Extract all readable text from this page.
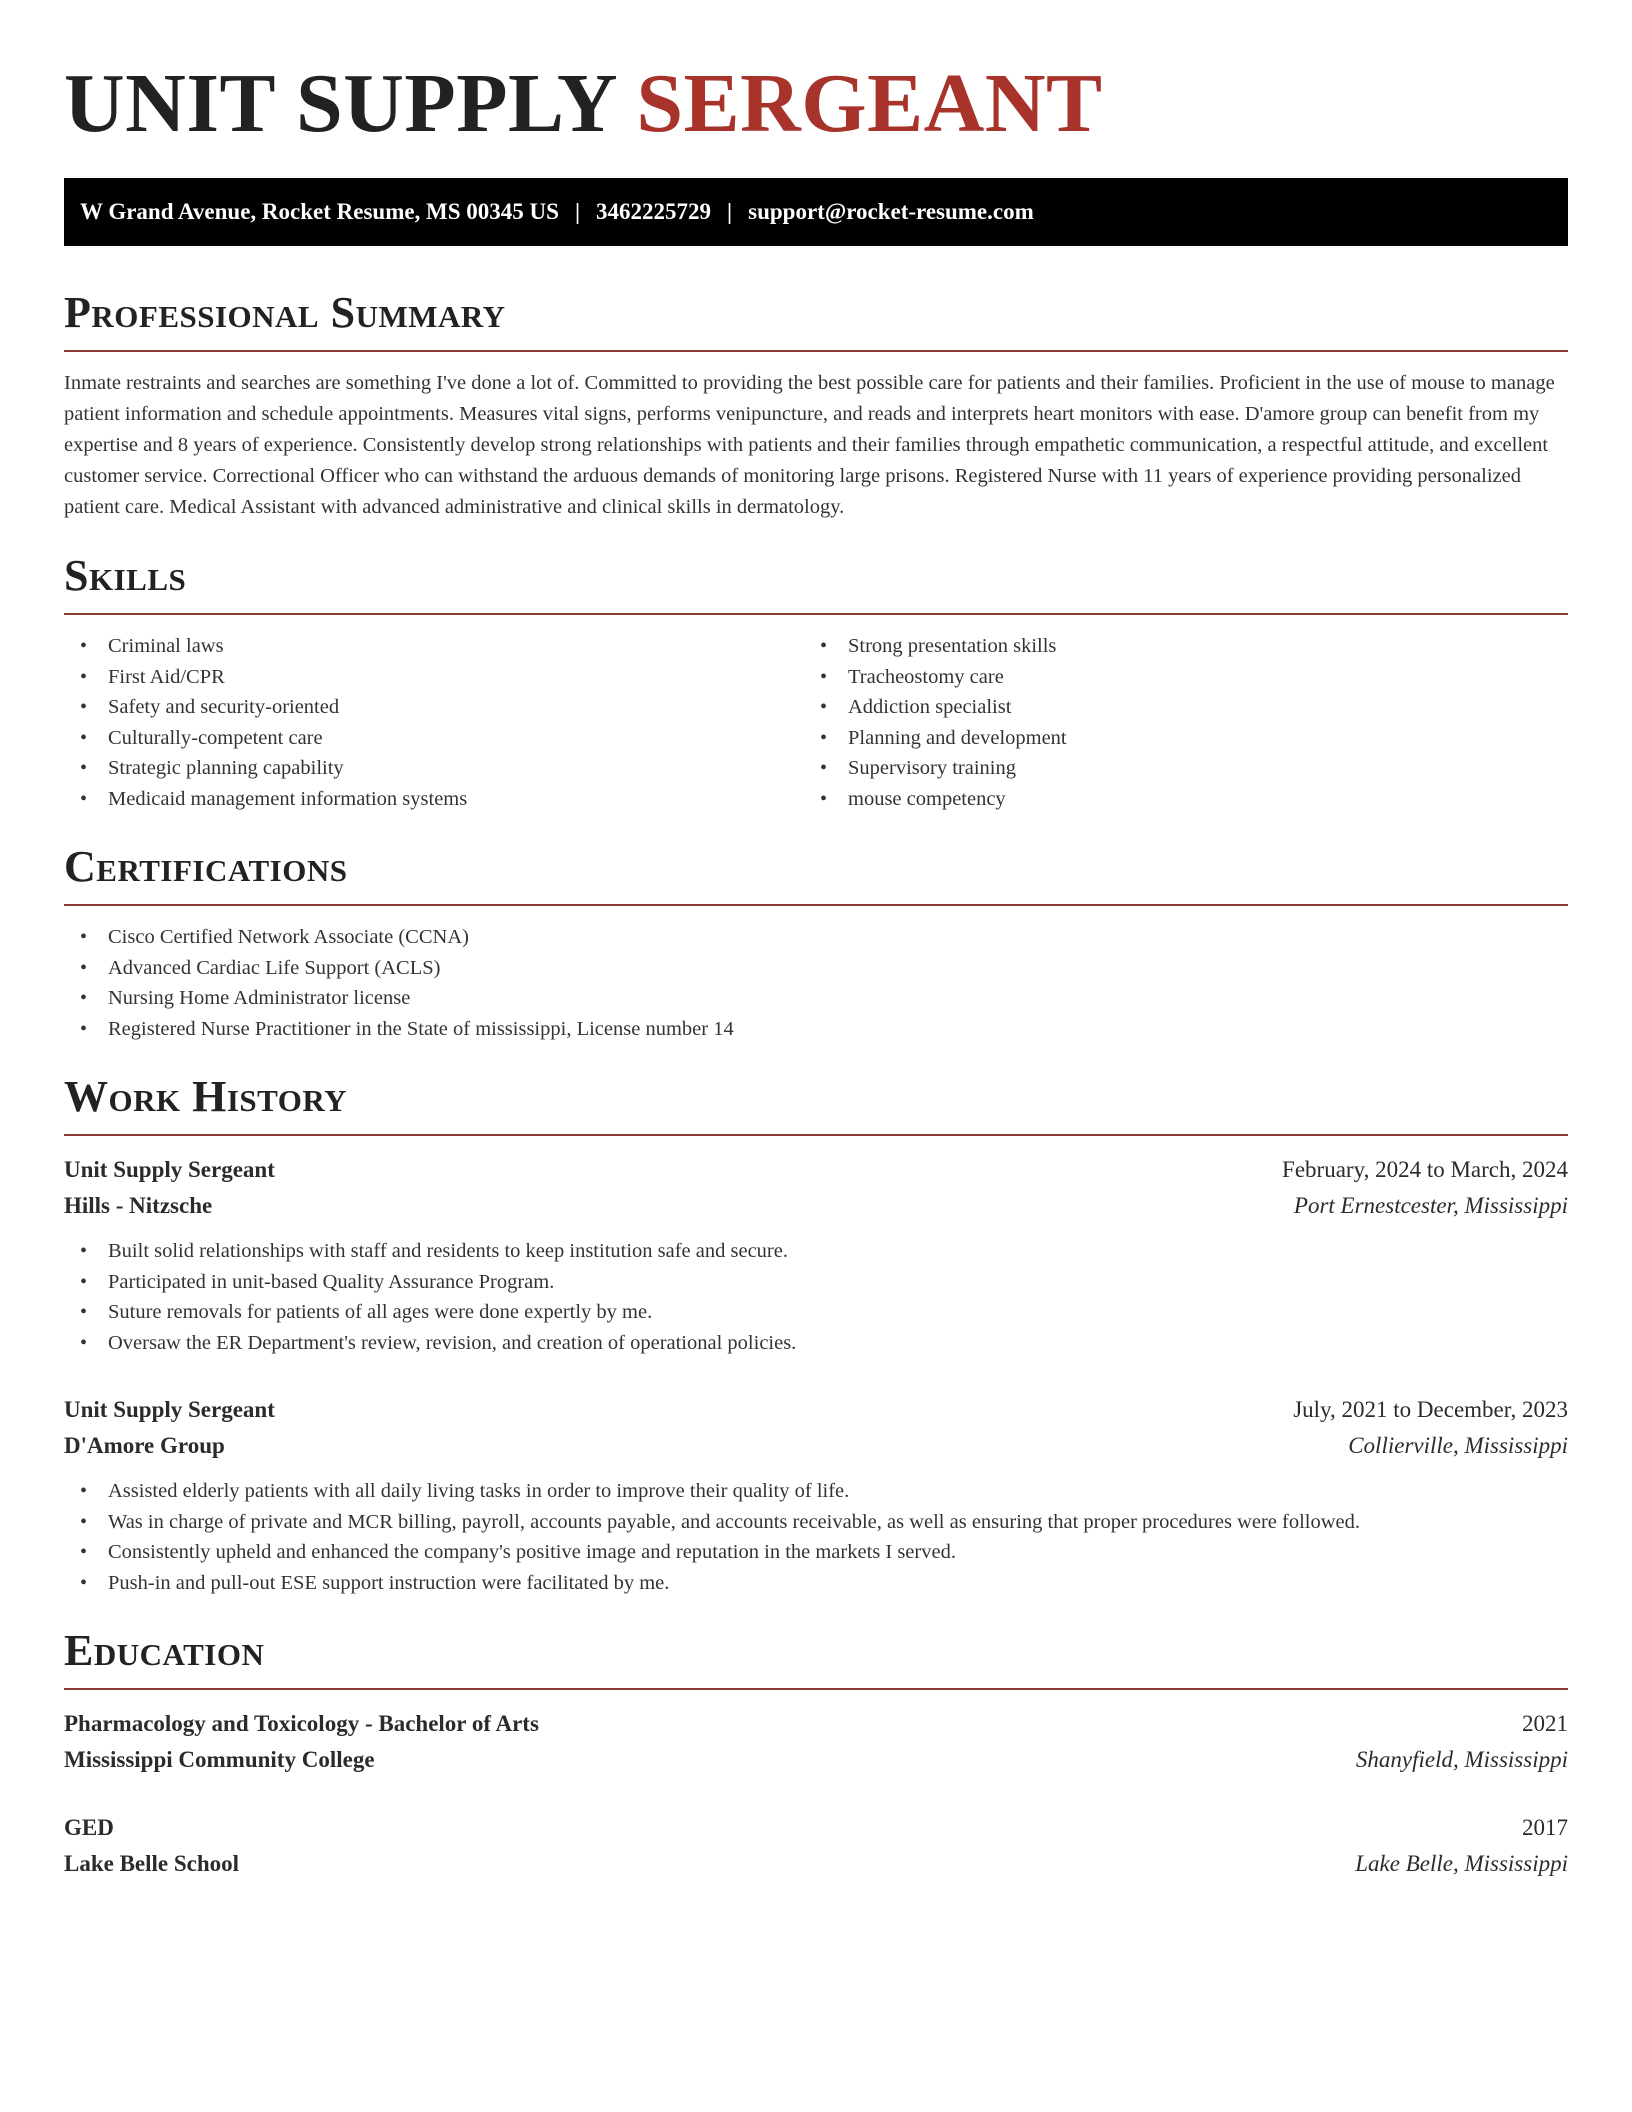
UNIT SUPPLY SERGEANT
W Grand Avenue, Rocket Resume, MS 00345 US | 3462225729 | support@rocket-resume.com
Professional Summary

Inmate restraints and searches are something I've done a lot of. Committed to providing the best possible care for patients and their families. Proficient in the use of mouse to manage patient information and schedule appointments. Measures vital signs, performs venipuncture, and reads and interprets heart monitors with ease. D'amore group can benefit from my expertise and 8 years of experience. Consistently develop strong relationships with patients and their families through empathetic communication, a respectful attitude, and excellent customer service. Correctional Officer who can withstand the arduous demands of monitoring large prisons. Registered Nurse with 11 years of experience providing personalized patient care. Medical Assistant with advanced administrative and clinical skills in dermatology.

Skills
• Criminal laws
• First Aid/CPR
• Safety and security-oriented
• Culturally-competent care
• Strategic planning capability
• Medicaid management information systems
• Strong presentation skills
• Tracheostomy care
• Addiction specialist
• Planning and development
• Supervisory training
• mouse competency
Certifications
• Cisco Certified Network Associate (CCNA)
• Advanced Cardiac Life Support (ACLS)
• Nursing Home Administrator license
• Registered Nurse Practitioner in the State of mississippi, License number 14
Work History
Unit Supply Sergeant	February, 2024 to March, 2024
Hills - Nitzsche	Port Ernestcester, Mississippi
• Built solid relationships with staff and residents to keep institution safe and secure.
• Participated in unit-based Quality Assurance Program.
• Suture removals for patients of all ages were done expertly by me.
• Oversaw the ER Department's review, revision, and creation of operational policies.
Unit Supply Sergeant	July, 2021 to December, 2023
D'Amore Group	Collierville, Mississippi
• Assisted elderly patients with all daily living tasks in order to improve their quality of life.
• Was in charge of private and MCR billing, payroll, accounts payable, and accounts receivable, as well as ensuring that proper procedures were followed.
• Consistently upheld and enhanced the company's positive image and reputation in the markets I served.
• Push-in and pull-out ESE support instruction were facilitated by me.
Education
Pharmacology and Toxicology - Bachelor of Arts	2021
Mississippi Community College	Shanyfield, Mississippi
GED	2017
Lake Belle School	Lake Belle, Mississippi
